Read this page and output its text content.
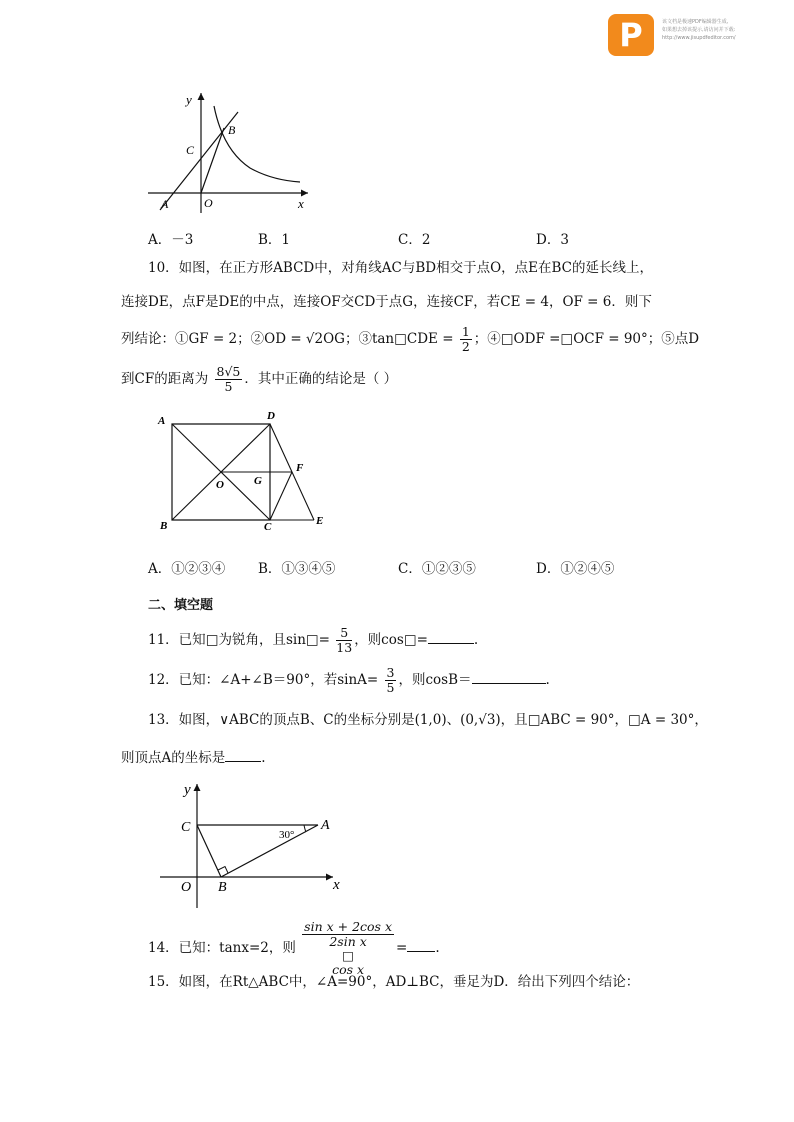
P	该文档是极速PDF编辑器生成,
如果想去掉该提示,请访问并下载:
http://www.jisupdfeditor.com/
y
x
O
A
B
C
A．－3	B．1	C．2	D．3
10．如图，在正方形ABCD中，对角线AC与BD相交于点O，点E在BC的延长线上，
连接DE，点F是DE的中点，连接OF交CD于点G，连接CF，若CE = 4，OF = 6．则下
列结论：①GF = 2；②OD = √2OG；③tan□CDE = $\frac{1}{2}$ ；④□ODF =□OCF = 90°；⑤点D
到CF的距离为 $\frac{8√5}{5}$ ．其中正确的结论是（ ）
A	D
B	C	E
O	G
F
A．①②③④ B．①③④⑤	C．①②③⑤	D．①②④⑤
二、填空题
11．已知□为锐角，且sin□= $\frac{5}{13}$ ，则cos□=	.
12．已知：∠A+∠B＝90°，若$\sin A= \frac{3}{5}$ ，则cosB＝	.
13．如图，∨ABC的顶点B、C的坐标分别是(1,0)、(0,√3)，且□ABC = 90°，□A = 30°，
则顶点A的坐标是	.
y
x
O B
C	A
30°
14．已知：tanx=2，则 sin x + 2cos x
2sin x
□
cos x = .
15．如图，在Rt△ABC中，∠A=90°，AD⊥BC，垂足为D．给出下列四个结论：
